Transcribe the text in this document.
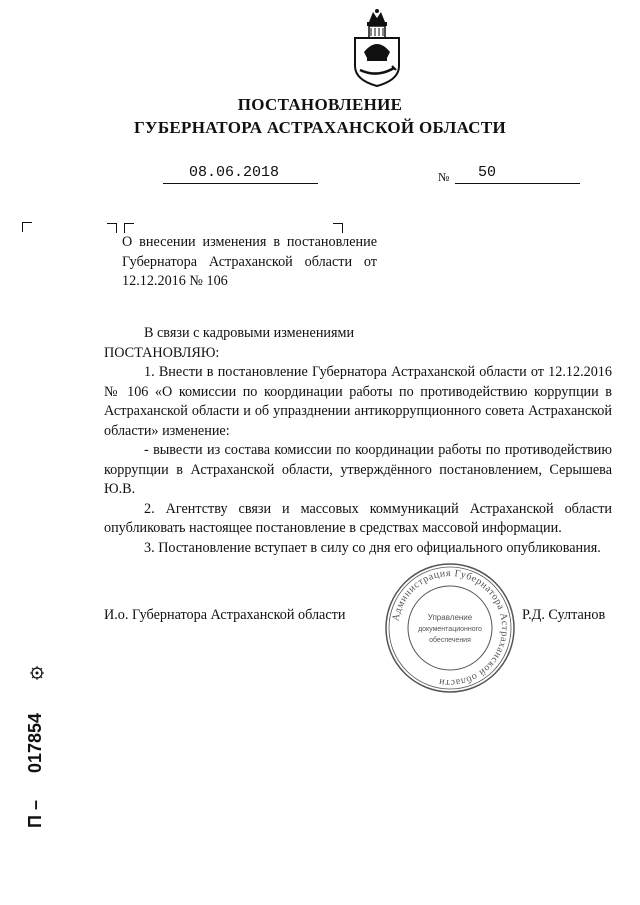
ПОСТАНОВЛЕНИЕ
ГУБЕРНАТОРА АСТРАХАНСКОЙ ОБЛАСТИ
08.06.2018	№ 50
О внесении изменения в постановление Губернатора Астраханской области от 12.12.2016 № 106

В связи с кадровыми изменениями

ПОСТАНОВЛЯЮ:

1. Внести в постановление Губернатора Астраханской области от 12.12.2016 № 106 «О комиссии по координации работы по противодействию коррупции в Астраханской области и об упразднении антикоррупционного совета Астраханской области» изменение:

- вывести из состава комиссии по координации работы по противодействию коррупции в Астраханской области, утверждённого постановлением, Серышева Ю.В.

2. Агентству связи и массовых коммуникаций Астраханской области опубликовать настоящее постановление в средствах массовой информации.

3. Постановление вступает в силу со дня его официального опубликования.

Администрация Губернатора Астраханской области
Управление
документационного
обеспечения
И.о. Губернатора Астраханской области	Р.Д. Султанов
017854
П –
